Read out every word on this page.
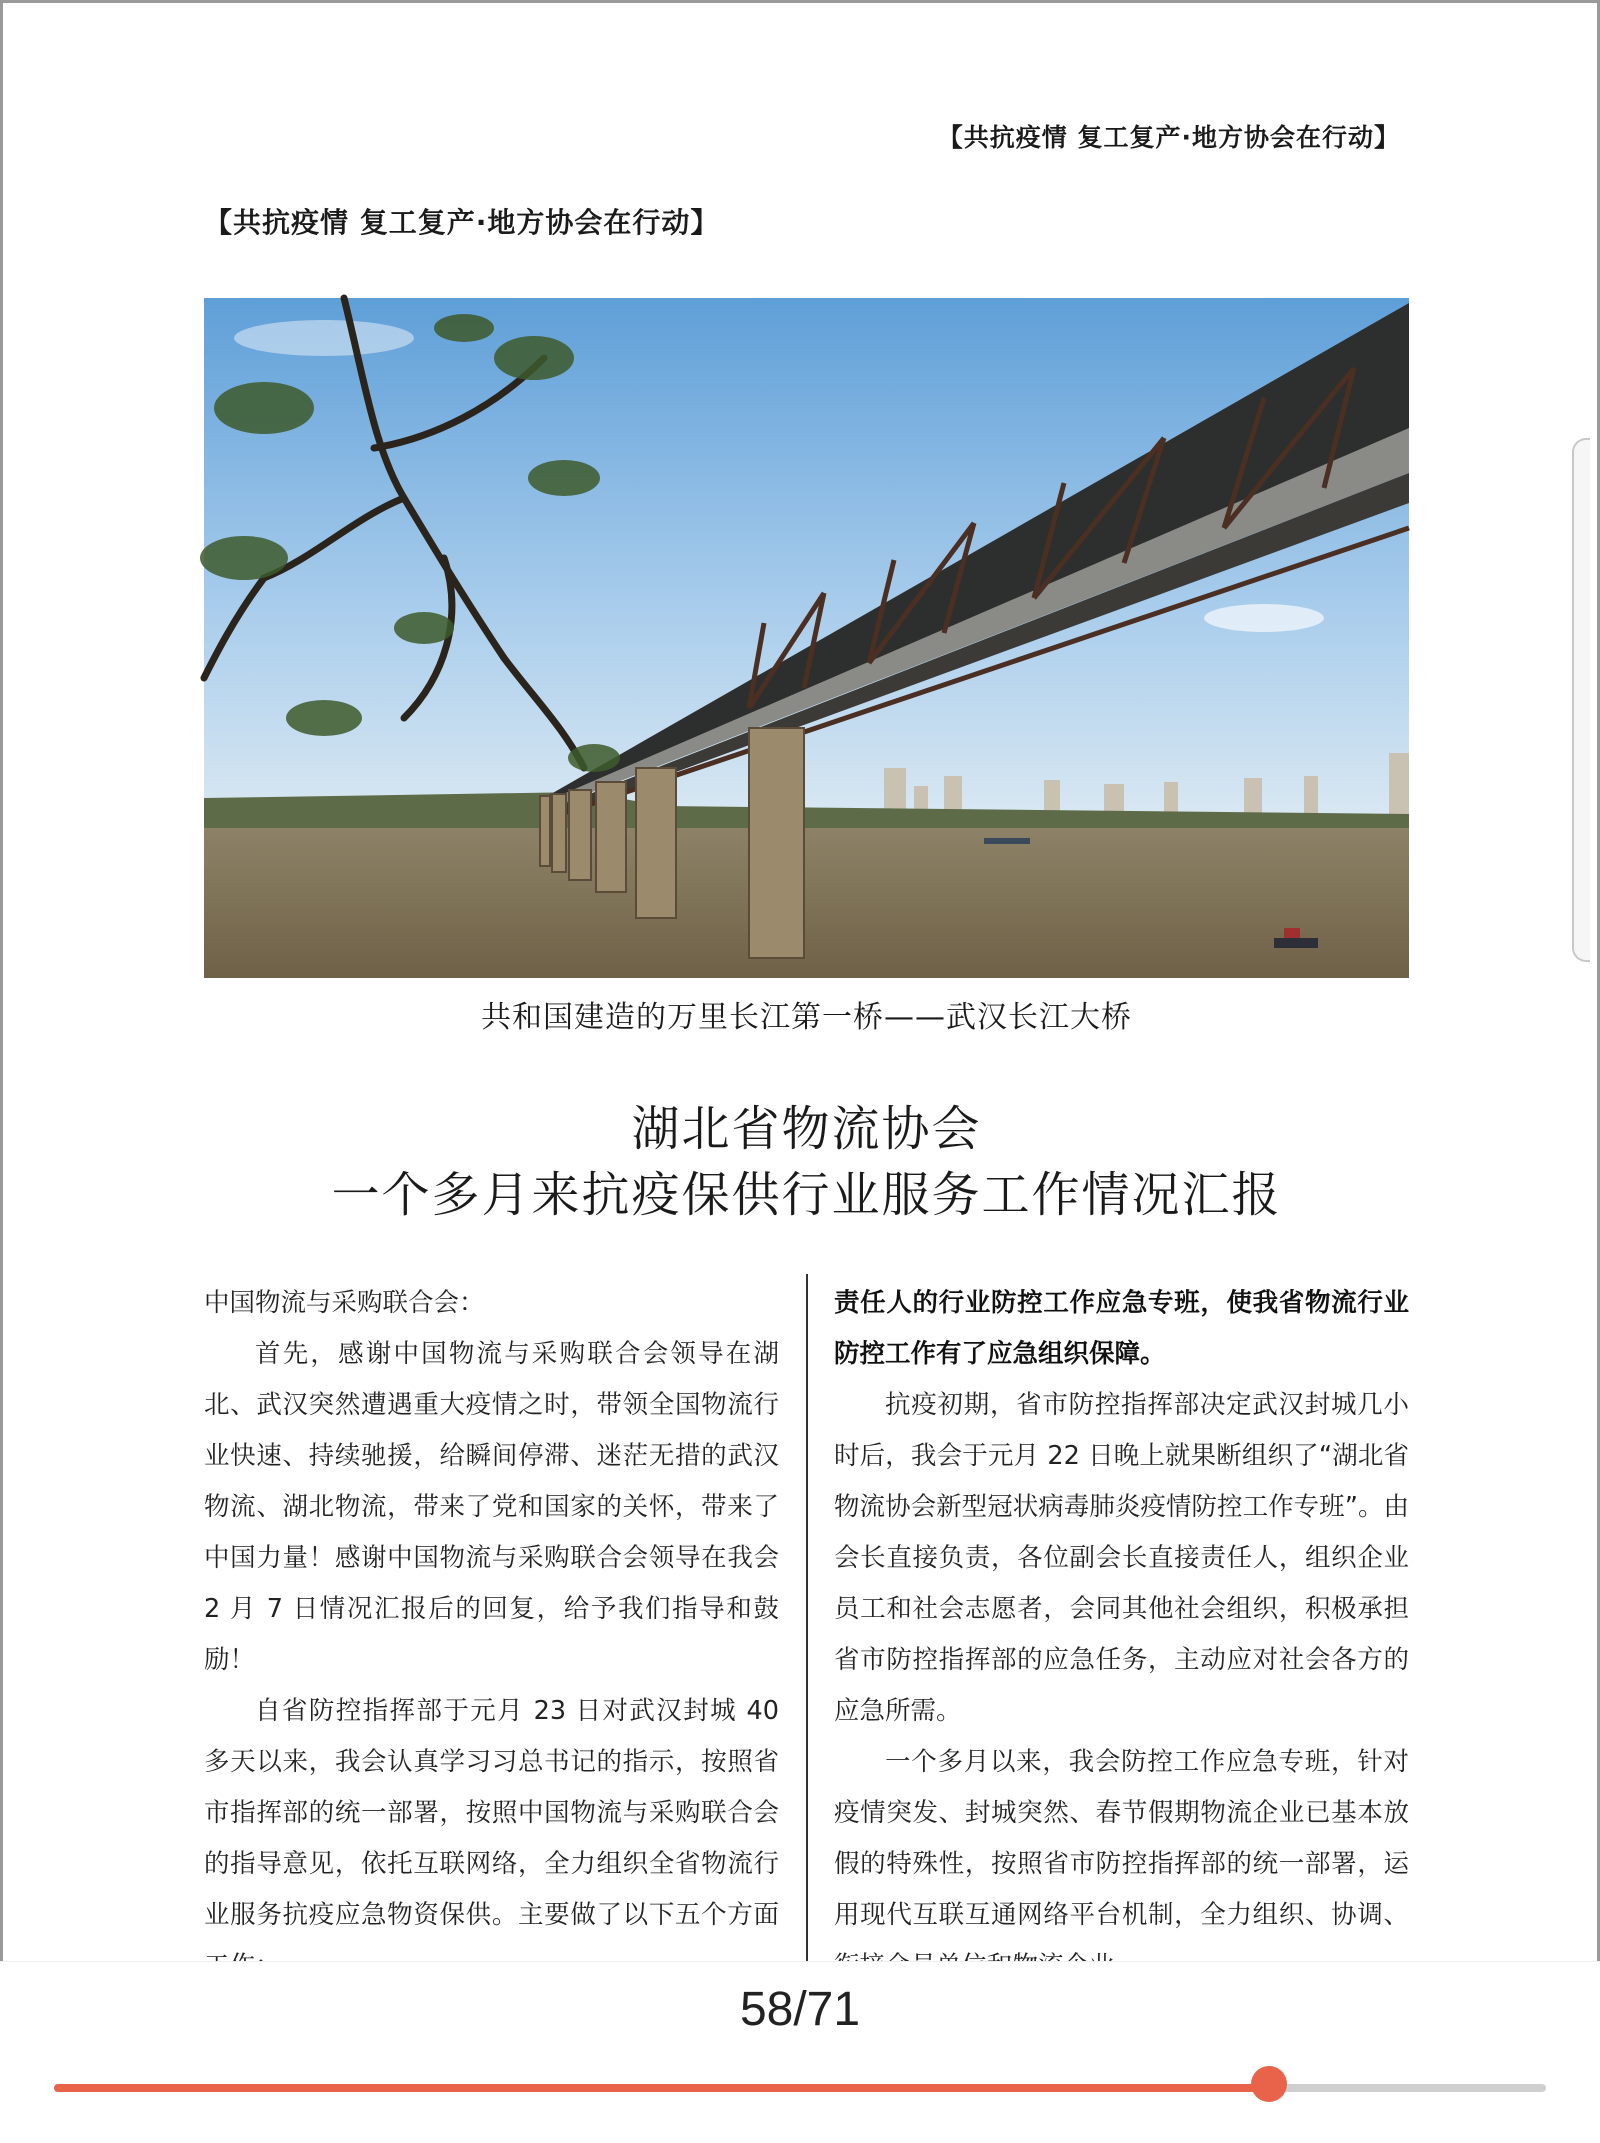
【共抗疫情 复工复产·地方协会在行动】
【共抗疫情 复工复产·地方协会在行动】
共和国建造的万里长江第一桥——武汉长江大桥
湖北省物流协会
一个多月来抗疫保供行业服务工作情况汇报

中国物流与采购联合会：

首先，感谢中国物流与采购联合会领导在湖北、武汉突然遭遇重大疫情之时，带领全国物流行业快速、持续驰援，给瞬间停滞、迷茫无措的武汉物流、湖北物流，带来了党和国家的关怀，带来了中国力量！感谢中国物流与采购联合会领导在我会 2 月 7 日情况汇报后的回复，给予我们指导和鼓励！

自省防控指挥部于元月 23 日对武汉封城 40 多天以来，我会认真学习习总书记的指示，按照省市指挥部的统一部署，按照中国物流与采购联合会的指导意见，依托互联网络，全力组织全省物流行业服务抗疫应急物资保供。主要做了以下五个方面

责任人的行业防控工作应急专班，使我省物流行业防控工作有了应急组织保障。

抗疫初期，省市防控指挥部决定武汉封城几小时后，我会于元月 22 日晚上就果断组织了“湖北省物流协会新型冠状病毒肺炎疫情防控工作专班”。由会长直接负责，各位副会长直接责任人，组织企业员工和社会志愿者，会同其他社会组织，积极承担省市防控指挥部的应急任务，主动应对社会各方的应急所需。

一个多月以来，我会防控工作应急专班，针对疫情突发、封城突然、春节假期物流企业已基本放假的特殊性，按照省市防控指挥部的统一部署，运用现代互联互通网络平台机制，全力组织、协调、

58/71
